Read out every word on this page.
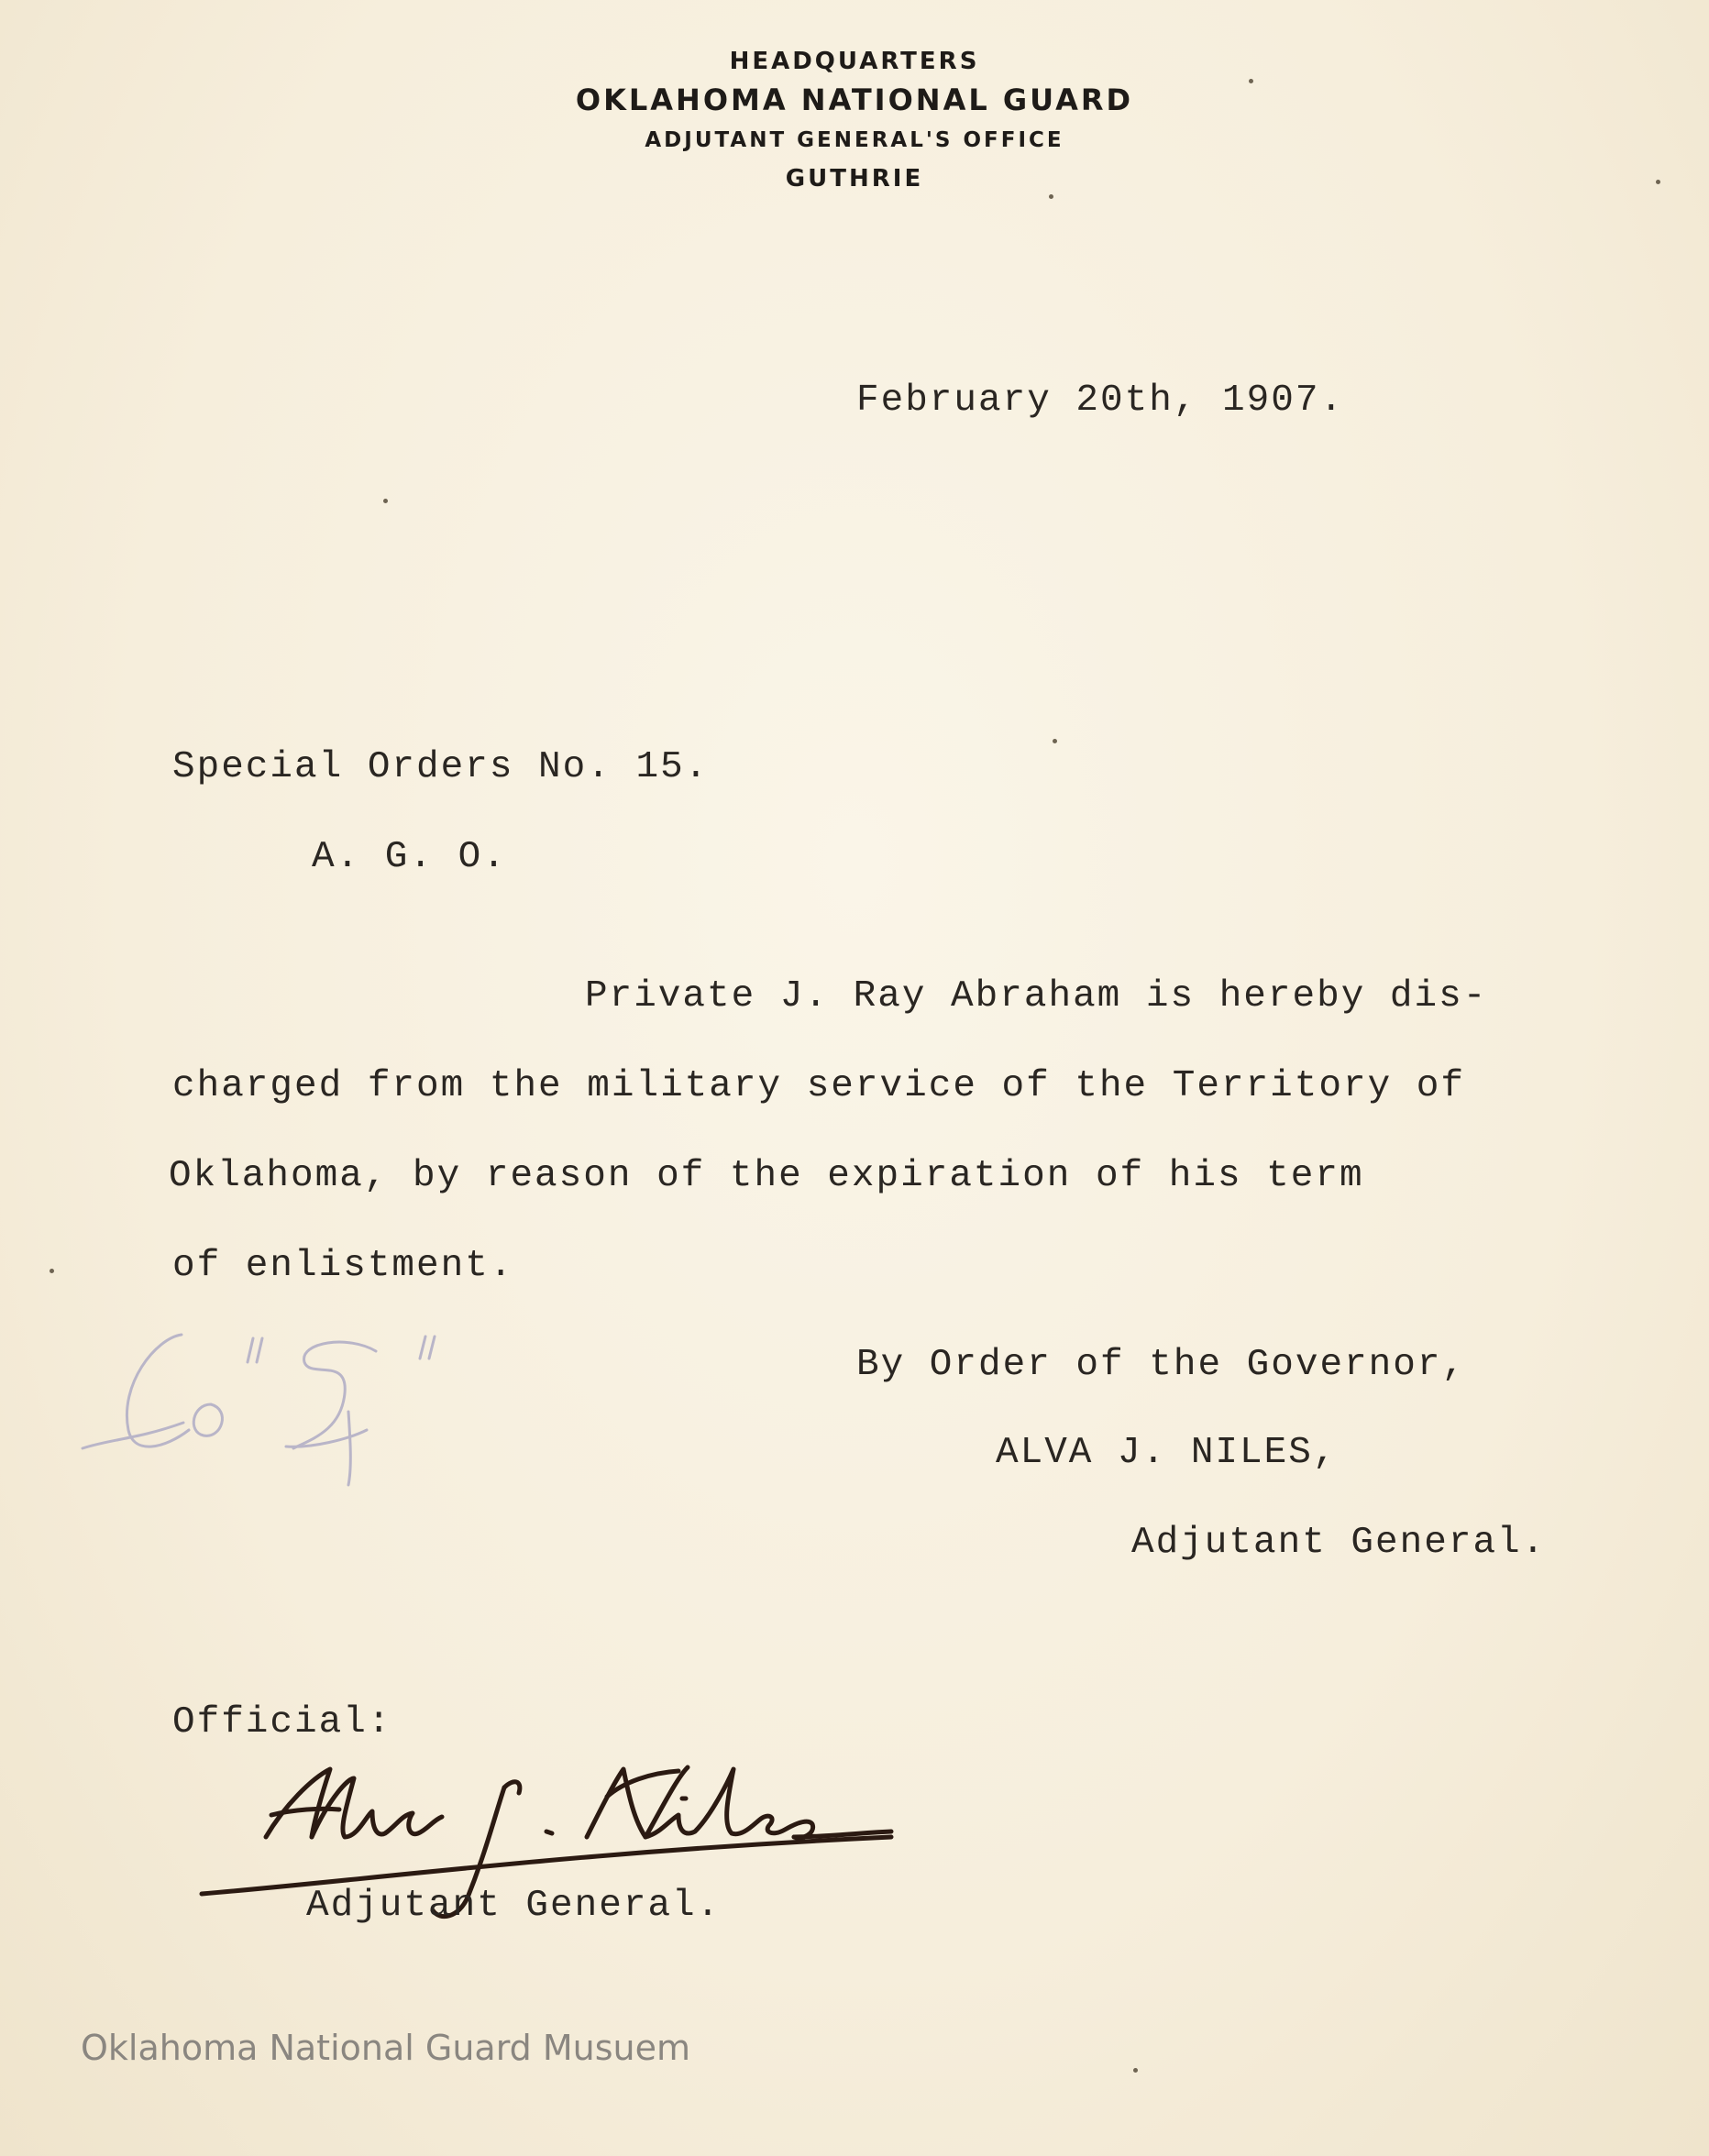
HEADQUARTERS
OKLAHOMA NATIONAL GUARD
ADJUTANT GENERAL'S OFFICE
GUTHRIE
February 20th, 1907.
Special Orders No. 15.
A. G. O.
Private J. Ray Abraham is hereby dis-
charged from the military service of the Territory of
Oklahoma, by reason of the expiration of his term
of enlistment.
By Order of the Governor,
ALVA J. NILES,
Adjutant General.
Official:
Adjutant General.
Oklahoma National Guard Musuem
